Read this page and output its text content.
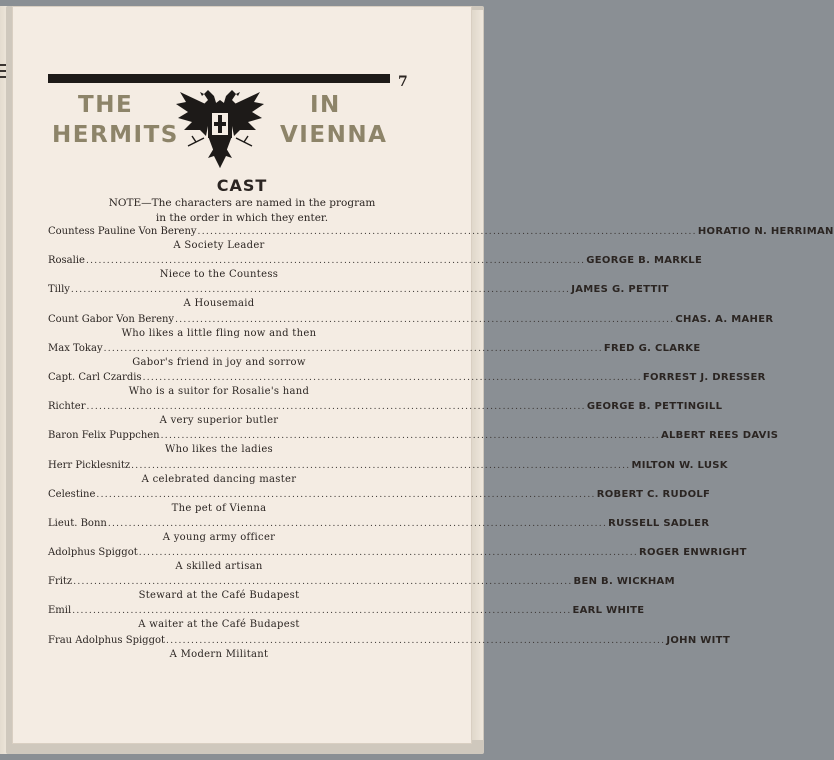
7
THE	IN
HERMITS	VIENNA
CAST
NOTE—The characters are named in the program
in the order in which they enter.
Countess Pauline Von Bereny ........................................................................................................................ HORATIO N. HERRIMAN
A Society Leader
Rosalie ........................................................................................................................ GEORGE B. MARKLE
Niece to the Countess
Tilly ........................................................................................................................ JAMES G. PETTIT
A Housemaid
Count Gabor Von Bereny ........................................................................................................................ CHAS. A. MAHER
Who likes a little fling now and then
Max Tokay ........................................................................................................................ FRED G. CLARKE
Gabor's friend in joy and sorrow
Capt. Carl Czardis ........................................................................................................................ FORREST J. DRESSER
Who is a suitor for Rosalie's hand
Richter ........................................................................................................................ GEORGE B. PETTINGILL
A very superior butler
Baron Felix Puppchen ........................................................................................................................ ALBERT REES DAVIS
Who likes the ladies
Herr Picklesnitz ........................................................................................................................ MILTON W. LUSK
A celebrated dancing master
Celestine ........................................................................................................................ ROBERT C. RUDOLF
The pet of Vienna
Lieut. Bonn ........................................................................................................................ RUSSELL SADLER
A young army officer
Adolphus Spiggot ........................................................................................................................ ROGER ENWRIGHT
A skilled artisan
Fritz ........................................................................................................................ BEN B. WICKHAM
Steward at the Café Budapest
Emil ........................................................................................................................ EARL WHITE
A waiter at the Café Budapest
Frau Adolphus Spiggot ........................................................................................................................ JOHN WITT
A Modern Militant
